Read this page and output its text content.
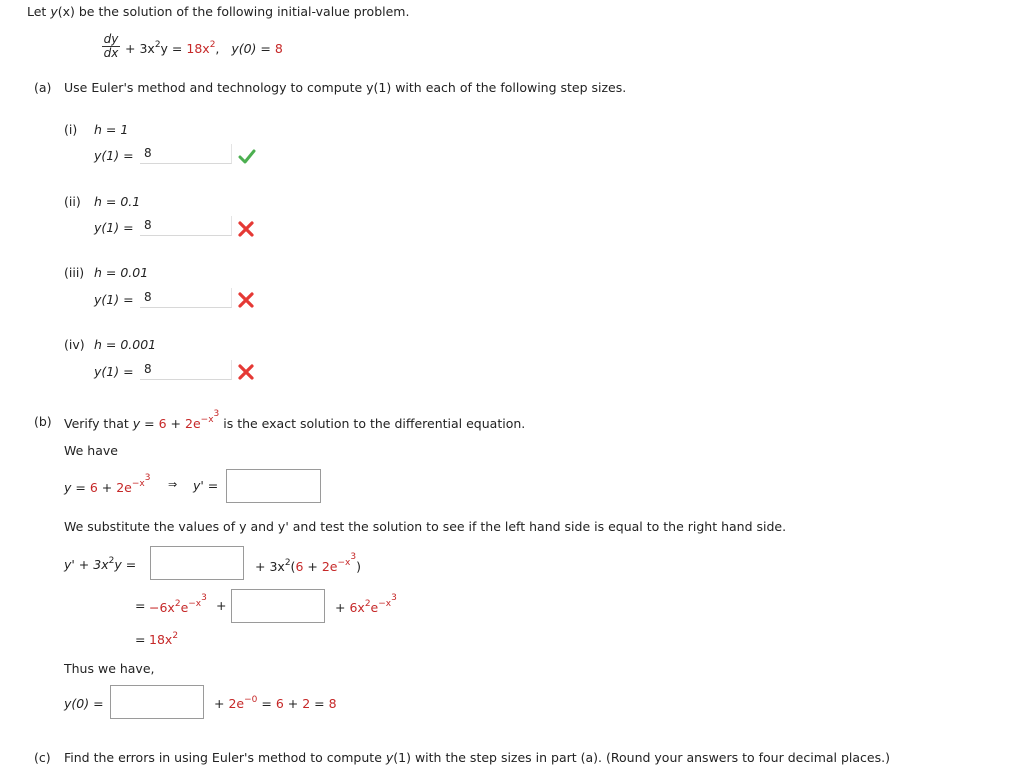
Let y(x) be the solution of the following initial-value problem.
dy
dx + $3x^2y = 18x^2$, y(0) = 8
(a) Use Euler's method and technology to compute y(1) with each of the following step sizes.
(i) h = 1
y(1) = 8
(ii) h = 0.1
y(1) = 8
(iii) h = 0.01
y(1) = 8
(iv) h = 0.001
y(1) = 8
(b) Verify that $y = 6 + 2e^{-x^3}$ is the exact solution to the differential equation.
We have
$y = 6 + 2e^{-x^3}$ ⇒ y' =
We substitute the values of y and y' and test the solution to see if the left hand side is equal to the right hand side.
$y' + 3x^2y$ =	+ $3x^2(6 + 2e^{-x^3})$
= $-6x^2e^{-x^3}$ +	+ $6x^2e^{-x^3}$
= $18x^2$
Thus we have,
y(0) =	+ $2e^{-0} = 6 + 2 = 8$
(c) Find the errors in using Euler's method to compute y(1) with the step sizes in part (a). (Round your answers to four decimal places.)
